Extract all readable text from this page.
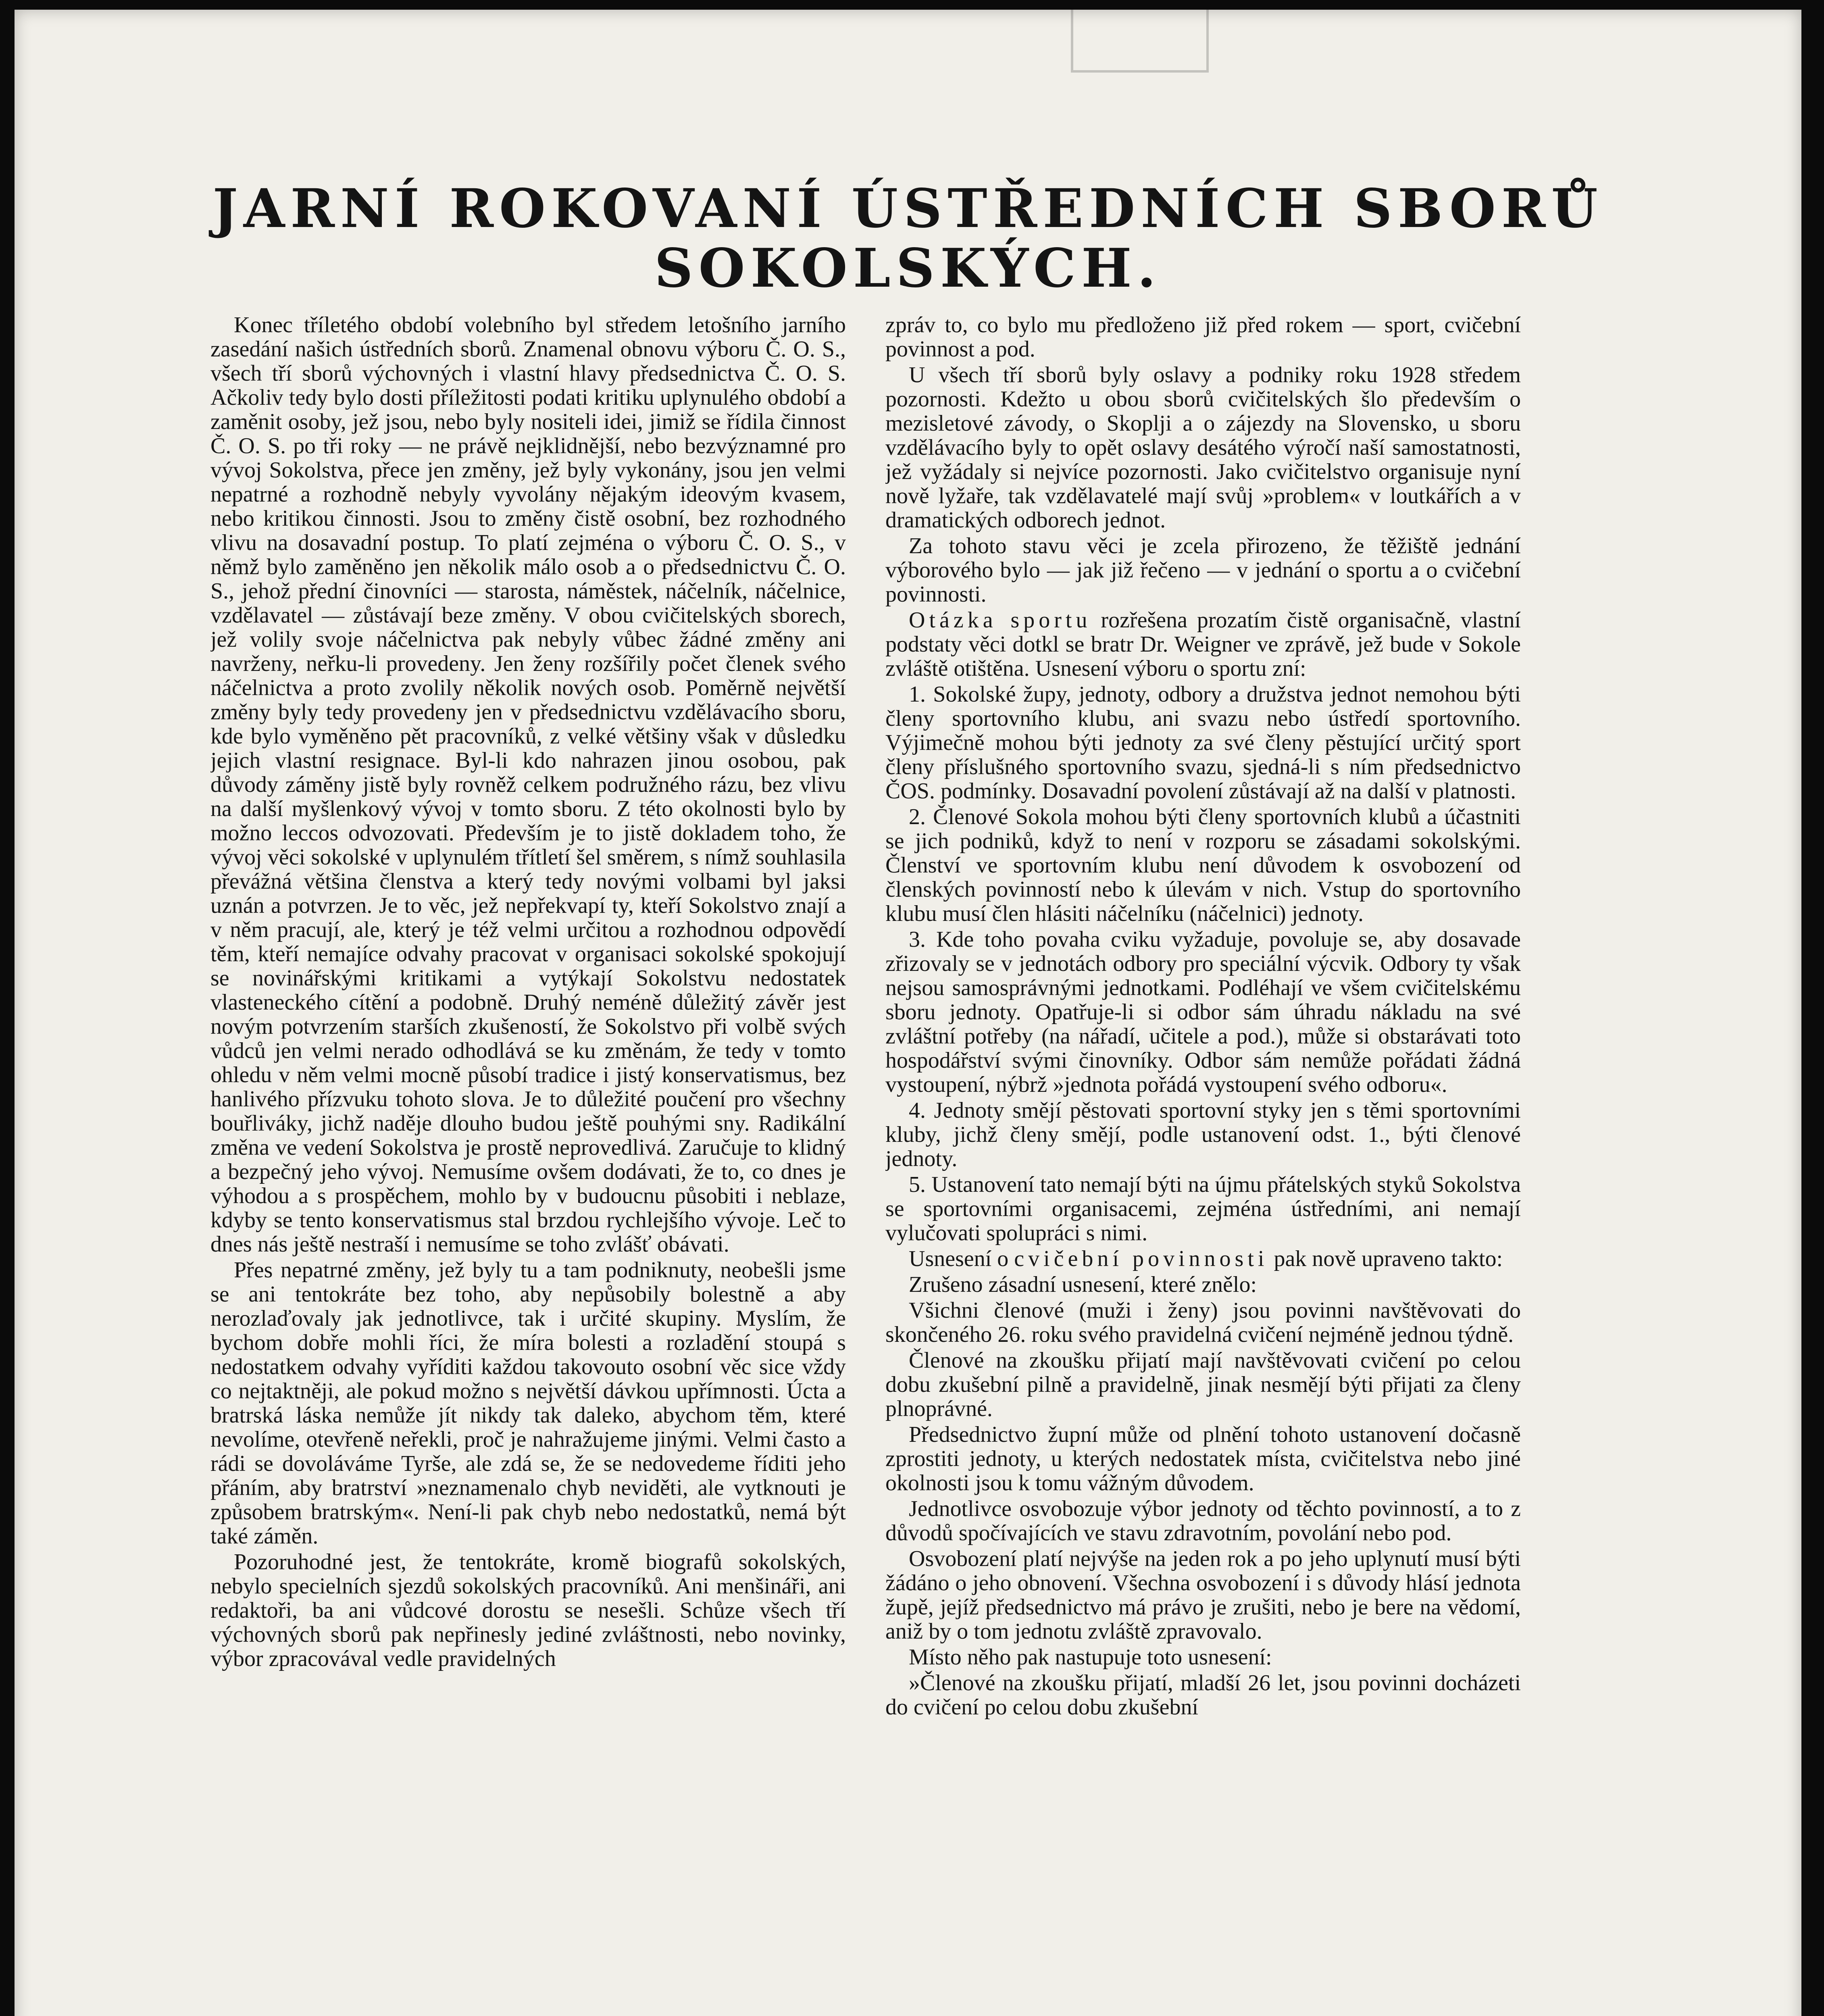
JARNÍ ROKOVANÍ ÚSTŘEDNÍCH SBORŮ
SOKOLSKÝCH.

Konec tříletého období volebního byl středem letošního jarního zasedání našich ústředních sborů. Znamenal obnovu výboru Č. O. S., všech tří sborů výchovných i vlastní hlavy předsednictva Č. O. S. Ačkoliv tedy bylo dosti příležitosti podati kritiku uplynulého období a zaměnit osoby, jež jsou, nebo byly nositeli idei, jimiž se řídila činnost Č. O. S. po tři roky — ne právě nejklidnější, nebo bezvýznamné pro vývoj Sokolstva, přece jen změny, jež byly vykonány, jsou jen velmi nepatrné a rozhodně nebyly vyvolány nějakým ideovým kvasem, nebo kritikou činnosti. Jsou to změny čistě osobní, bez rozhodného vlivu na dosavadní postup. To platí zejména o výboru Č. O. S., v němž bylo zaměněno jen několik málo osob a o předsednictvu Č. O. S., jehož přední činovníci — starosta, náměstek, náčelník, náčelnice, vzdělavatel — zůstávají beze změny. V obou cvičitelských sborech, jež volily svoje náčelnictva pak nebyly vůbec žádné změny ani navrženy, neřku-li provedeny. Jen ženy rozšířily počet členek svého náčelnictva a proto zvolily několik nových osob. Poměrně největší změny byly tedy provedeny jen v předsednictvu vzdělávacího sboru, kde bylo vyměněno pět pracovníků, z velké většiny však v důsledku jejich vlastní resignace. Byl-li kdo nahrazen jinou osobou, pak důvody záměny jistě byly rovněž celkem podružného rázu, bez vlivu na další myšlenkový vývoj v tomto sboru. Z této okolnosti bylo by možno leccos odvozovati. Především je to jistě dokladem toho, že vývoj věci sokolské v uplynulém třítletí šel směrem, s nímž souhlasila převážná většina členstva a který tedy novými volbami byl jaksi uznán a potvrzen. Je to věc, jež nepřekvapí ty, kteří Sokolstvo znají a v něm pracují, ale, který je též velmi určitou a rozhodnou odpovědí těm, kteří nemajíce odvahy pracovat v organisaci sokolské spokojují se novinářskými kritikami a vytýkají Sokolstvu nedostatek vlasteneckého cítění a podobně. Druhý neméně důležitý závěr jest novým potvrzením starších zkušeností, že Sokolstvo při volbě svých vůdců jen velmi nerado odhodlává se ku změnám, že tedy v tomto ohledu v něm velmi mocně působí tradice i jistý konservatismus, bez hanlivého přízvuku tohoto slova. Je to důležité poučení pro všechny bouřliváky, jichž naděje dlouho budou ještě pouhými sny. Radikální změna ve vedení Sokolstva je prostě neprovedlivá. Zaručuje to klidný a bezpečný jeho vývoj. Nemusíme ovšem dodávati, že to, co dnes je výhodou a s prospěchem, mohlo by v budoucnu působiti i neblaze, kdyby se tento konservatismus stal brzdou rychlejšího vývoje. Leč to dnes nás ještě nestraší i nemusíme se toho zvlášť obávati.

Přes nepatrné změny, jež byly tu a tam podniknuty, neobešli jsme se ani tentokráte bez toho, aby nepůsobily bolestně a aby nerozlaďovaly jak jednotlivce, tak i určité skupiny. Myslím, že bychom dobře mohli říci, že míra bolesti a rozladění stoupá s nedostatkem odvahy vyříditi každou takovouto osobní věc sice vždy co nejtaktněji, ale pokud možno s největší dávkou upřímnosti. Úcta a bratrská láska nemůže jít nikdy tak daleko, abychom těm, které nevolíme, otevřeně neřekli, proč je nahražujeme jinými. Velmi často a rádi se dovoláváme Tyrše, ale zdá se, že se nedovedeme říditi jeho přáním, aby bratrství »neznamenalo chyb neviděti, ale vytknouti je způsobem bratrským«. Není-li pak chyb nebo nedostatků, nemá být také záměn.

Pozoruhodné jest, že tentokráte, kromě biografů sokolských, nebylo specielních sjezdů sokolských pracovníků. Ani menšináři, ani redaktoři, ba ani vůdcové dorostu se nesešli. Schůze všech tří výchovných sborů pak nepřinesly jediné zvláštnosti, nebo novinky, výbor zpracovával vedle pravidelných

zpráv to, co bylo mu předloženo již před rokem — sport, cvičební povinnost a pod.

U všech tří sborů byly oslavy a podniky roku 1928 středem pozornosti. Kdežto u obou sborů cvičitelských šlo především o mezisletové závody, o Skoplji a o zájezdy na Slovensko, u sboru vzdělávacího byly to opět oslavy desátého výročí naší samostatnosti, jež vyžádaly si nejvíce pozornosti. Jako cvičitelstvo organisuje nyní nově lyžaře, tak vzdělavatelé mají svůj »problem« v loutkářích a v dramatických odborech jednot.

Za tohoto stavu věci je zcela přirozeno, že těžiště jednání výborového bylo — jak již řečeno — v jednání o sportu a o cvičební povinnosti.

Otázka sportu rozřešena prozatím čistě organisačně, vlastní podstaty věci dotkl se bratr Dr. Weigner ve zprávě, jež bude v Sokole zvláště otištěna. Usnesení výboru o sportu zní:

1. Sokolské župy, jednoty, odbory a družstva jednot nemohou býti členy sportovního klubu, ani svazu nebo ústředí sportovního. Výjimečně mohou býti jednoty za své členy pěstující určitý sport členy příslušného sportovního svazu, sjedná-li s ním předsednictvo ČOS. podmínky. Dosavadní povolení zůstávají až na další v platnosti.

2. Členové Sokola mohou býti členy sportovních klubů a účastniti se jich podniků, když to není v rozporu se zásadami sokolskými. Členství ve sportovním klubu není důvodem k osvobození od členských povinností nebo k úlevám v nich. Vstup do sportovního klubu musí člen hlásiti náčelníku (náčelnici) jednoty.

3. Kde toho povaha cviku vyžaduje, povoluje se, aby dosavade zřizovaly se v jednotách odbory pro speciální výcvik. Odbory ty však nejsou samosprávnými jednotkami. Podléhají ve všem cvičitelskému sboru jednoty. Opatřuje-li si odbor sám úhradu nákladu na své zvláštní potřeby (na nářadí, učitele a pod.), může si obstarávati toto hospodářství svými činovníky. Odbor sám nemůže pořádati žádná vystoupení, nýbrž »jednota pořádá vystoupení svého odboru«.

4. Jednoty smějí pěstovati sportovní styky jen s těmi sportovními kluby, jichž členy smějí, podle ustanovení odst. 1., býti členové jednoty.

5. Ustanovení tato nemají býti na újmu přátelských styků Sokolstva se sportovními organisacemi, zejména ústředními, ani nemají vylučovati spolupráci s nimi.

Usnesení o cvičební povinnosti pak nově upraveno takto:

Zrušeno zásadní usnesení, které znělo:

Všichni členové (muži i ženy) jsou povinni navštěvovati do skončeného 26. roku svého pravidelná cvičení nejméně jednou týdně.

Členové na zkoušku přijatí mají navštěvovati cvičení po celou dobu zkušební pilně a pravidelně, jinak nesmějí býti přijati za členy plnoprávné.

Předsednictvo župní může od plnění tohoto ustanovení dočasně zprostiti jednoty, u kterých nedostatek místa, cvičitelstva nebo jiné okolnosti jsou k tomu vážným důvodem.

Jednotlivce osvobozuje výbor jednoty od těchto povinností, a to z důvodů spočívajících ve stavu zdravotním, povolání nebo pod.

Osvobození platí nejvýše na jeden rok a po jeho uplynutí musí býti žádáno o jeho obnovení. Všechna osvobození i s důvody hlásí jednota župě, jejíž předsednictvo má právo je zrušiti, nebo je bere na vědomí, aniž by o tom jednotu zvláště zpravovalo.

Místo něho pak nastupuje toto usnesení:

»Členové na zkoušku přijatí, mladší 26 let, jsou povinni docházeti do cvičení po celou dobu zkušební
